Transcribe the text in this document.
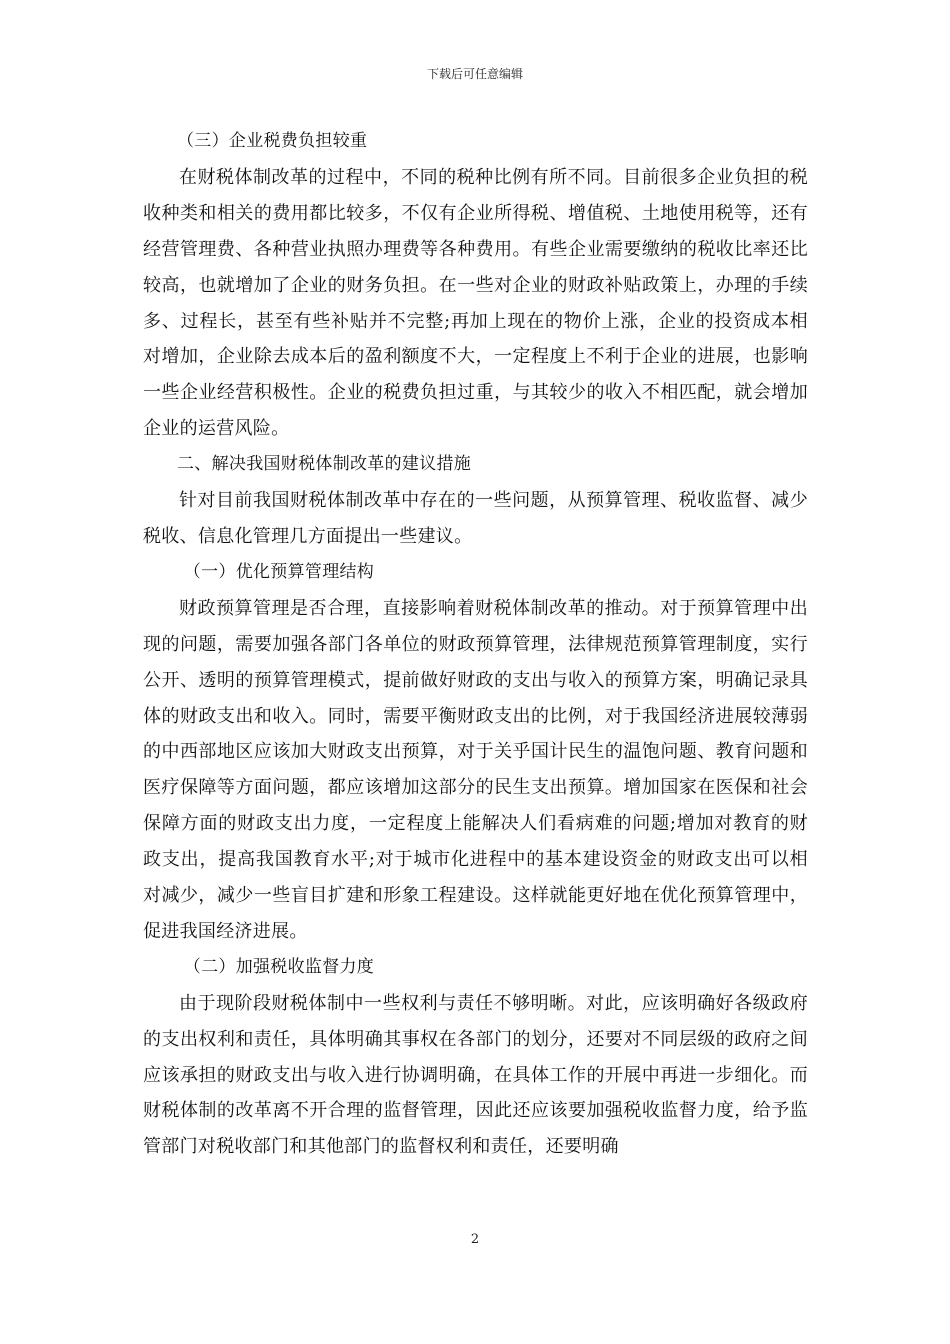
下载后可任意编辑

（三）企业税费负担较重

在财税体制改革的过程中，不同的税种比例有所不同。目前很多企业负担的税收种类和相关的费用都比较多，不仅有企业所得税、增值税、土地使用税等，还有经营管理费、各种营业执照办理费等各种费用。有些企业需要缴纳的税收比率还比较高，也就增加了企业的财务负担。在一些对企业的财政补贴政策上，办理的手续多、过程长，甚至有些补贴并不完整;再加上现在的物价上涨，企业的投资成本相对增加，企业除去成本后的盈利额度不大，一定程度上不利于企业的进展，也影响一些企业经营积极性。企业的税费负担过重，与其较少的收入不相匹配，就会增加企业的运营风险。

二、解决我国财税体制改革的建议措施

针对目前我国财税体制改革中存在的一些问题，从预算管理、税收监督、减少税收、信息化管理几方面提出一些建议。

（一）优化预算管理结构

财政预算管理是否合理，直接影响着财税体制改革的推动。对于预算管理中出现的问题，需要加强各部门各单位的财政预算管理，法律规范预算管理制度，实行公开、透明的预算管理模式，提前做好财政的支出与收入的预算方案，明确记录具体的财政支出和收入。同时，需要平衡财政支出的比例，对于我国经济进展较薄弱的中西部地区应该加大财政支出预算，对于关乎国计民生的温饱问题、教育问题和医疗保障等方面问题，都应该增加这部分的民生支出预算。增加国家在医保和社会保障方面的财政支出力度，一定程度上能解决人们看病难的问题;增加对教育的财政支出，提高我国教育水平;对于城市化进程中的基本建设资金的财政支出可以相对减少，减少一些盲目扩建和形象工程建设。这样就能更好地在优化预算管理中，促进我国经济进展。

（二）加强税收监督力度

由于现阶段财税体制中一些权利与责任不够明晰。对此，应该明确好各级政府的支出权利和责任，具体明确其事权在各部门的划分，还要对不同层级的政府之间应该承担的财政支出与收入进行协调明确，在具体工作的开展中再进一步细化。而财税体制的改革离不开合理的监督管理，因此还应该要加强税收监督力度，给予监管部门对税收部门和其他部门的监督权利和责任，还要明确

2
